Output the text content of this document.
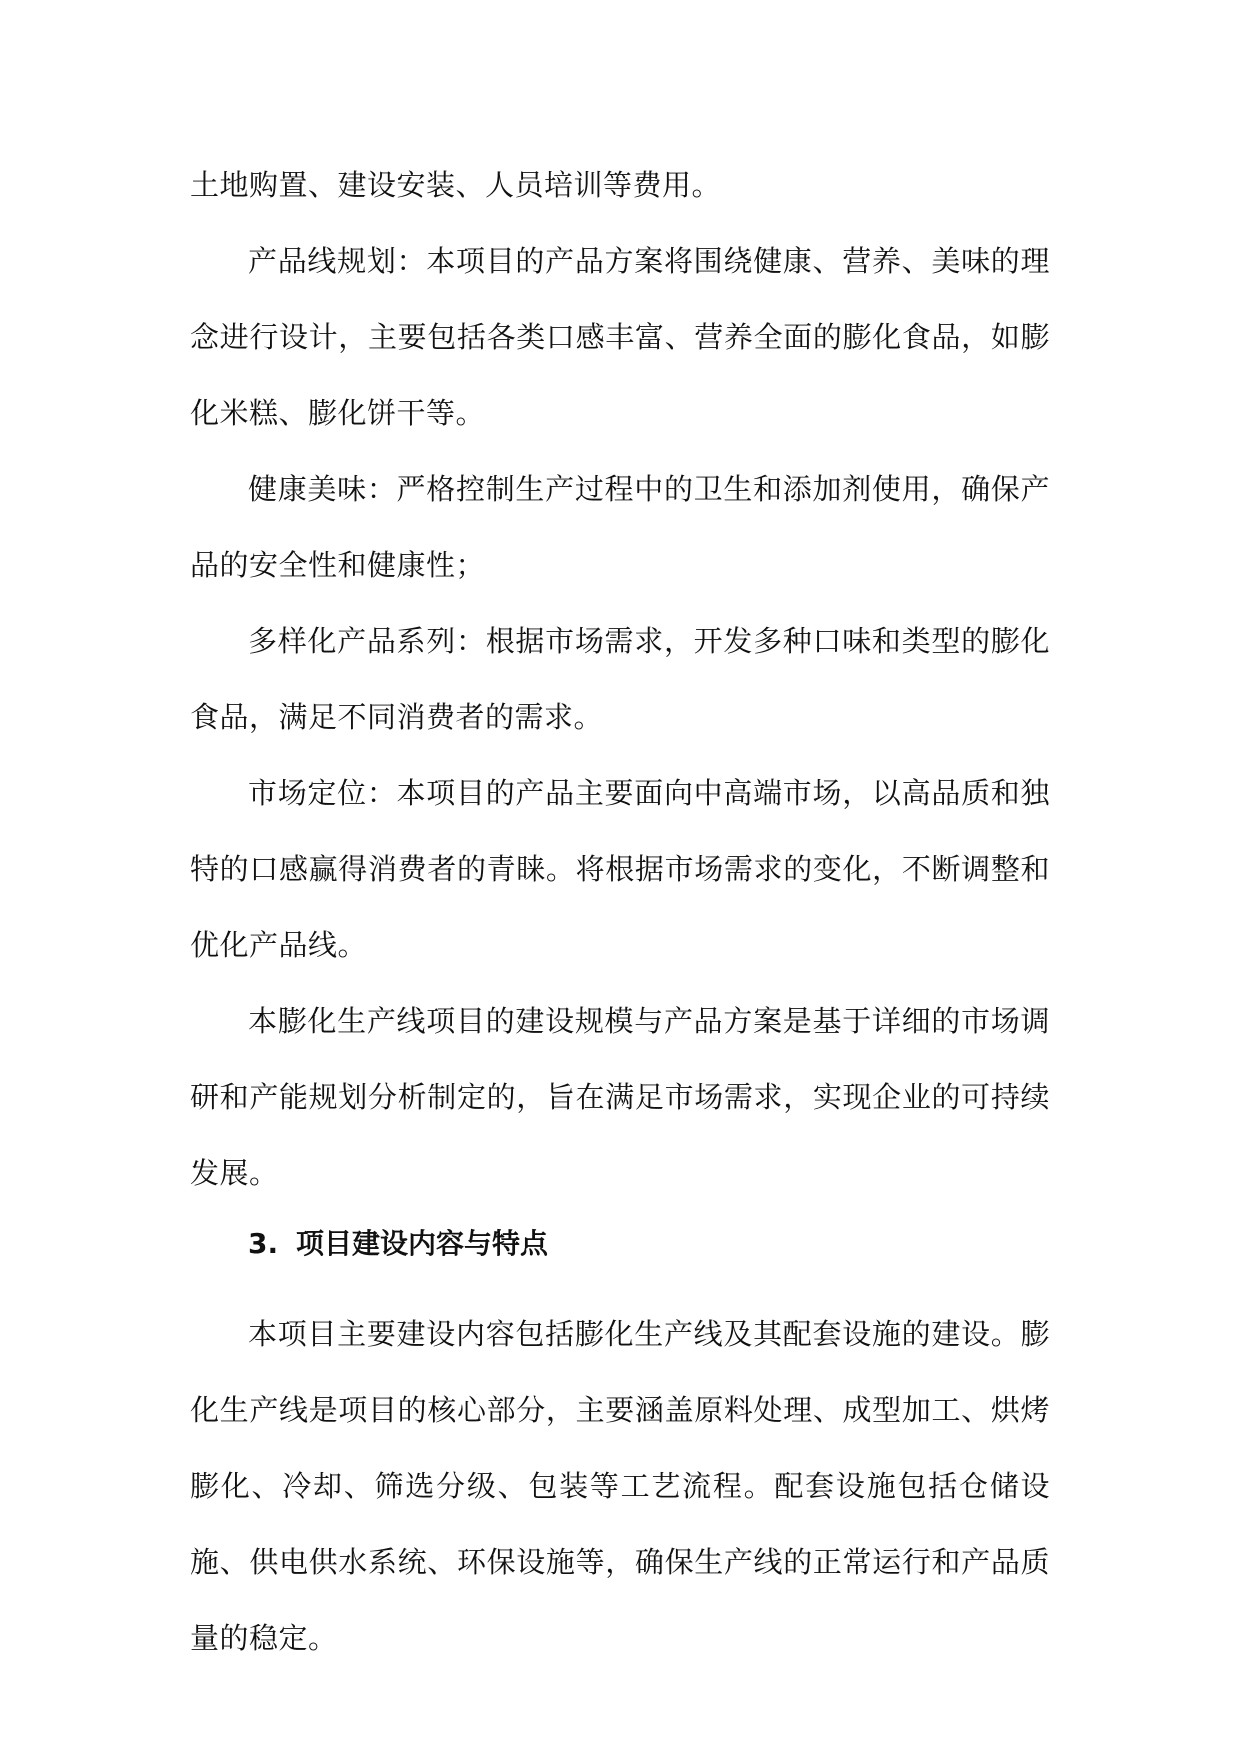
土地购置、建设安装、人员培训等费用。

产品线规划：本项目的产品方案将围绕健康、营养、美味的理念进行设计，主要包括各类口感丰富、营养全面的膨化食品，如膨化米糕、膨化饼干等。

健康美味：严格控制生产过程中的卫生和添加剂使用，确保产品的安全性和健康性；

多样化产品系列：根据市场需求，开发多种口味和类型的膨化食品，满足不同消费者的需求。

市场定位：本项目的产品主要面向中高端市场，以高品质和独特的口感赢得消费者的青睐。将根据市场需求的变化，不断调整和优化产品线。

本膨化生产线项目的建设规模与产品方案是基于详细的市场调研和产能规划分析制定的，旨在满足市场需求，实现企业的可持续发展。

3. 项目建设内容与特点

本项目主要建设内容包括膨化生产线及其配套设施的建设。膨化生产线是项目的核心部分，主要涵盖原料处理、成型加工、烘烤膨化、冷却、筛选分级、包装等工艺流程。配套设施包括仓储设施、供电供水系统、环保设施等，确保生产线的正常运行和产品质量的稳定。
